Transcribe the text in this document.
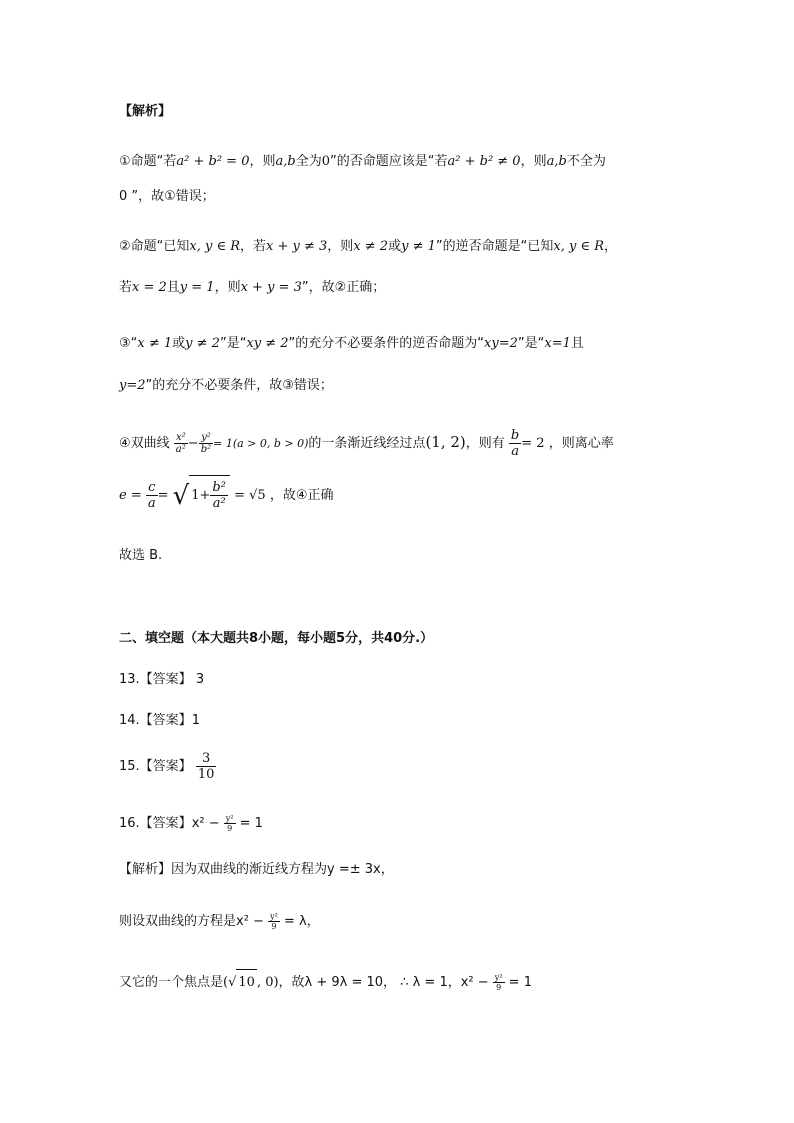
【解析】
①命题“若a² + b² = 0，则a,b全为0”的否命题应该是“若a² + b² ≠ 0，则a,b不全为
0 ”，故①错误；
②命题“已知x, y ∈ R，若x + y ≠ 3，则x ≠ 2或y ≠ 1”的逆否命题是“已知x, y ∈ R，
若x = 2且y = 1，则x + y = 3”，故②正确；
③“x ≠ 1或y ≠ 2”是“xy ≠ 2”的充分不必要条件的逆否命题为“xy=2”是“x=1且
y=2”的充分不必要条件，故③错误；
④双曲线 $\frac{\text{x²}}{\text{a²}} - \frac{\text{y²}}{\text{b²}} = 1(a > 0$, b > 0)的一条渐近线经过点(1, 2)，则有 $\frac{b}{a} = 2$ ，则离心率
$e = \frac{c}{a}$ = √ $1+ \frac{\text{b²}}{\text{a²}} = √5$ ，故④正确
故选 B.
二、填空题（本大题共8小题，每小题5分，共40分.）
13.【答案】 3
14.【答案】1
15.【答案】 $\frac{3}{10}$
16.【答案】$x^2 - \frac{\text{y²}}{9} = 1$
【解析】因为双曲线的渐近线方程为y =± 3x，
则设双曲线的方程是$x^2 - \frac{\text{y²}}{9} = \lambda$，
又它的一个焦点是(√ 10 , 0)，故λ + 9λ = 10， ∴ λ = 1，$x^2 - \frac{\text{y²}}{9} = 1$
